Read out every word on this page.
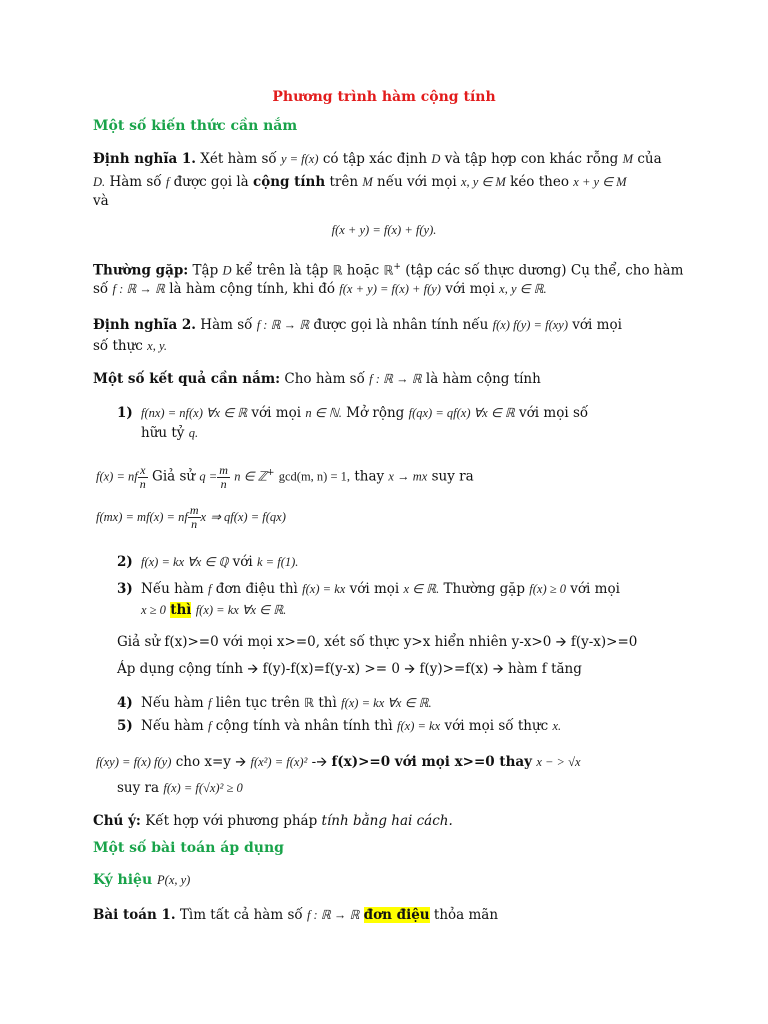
Phương trình hàm cộng tính
Một số kiến thức cần nắm
Định nghĩa 1. Xét hàm số y = f(x) có tập xác định D và tập hợp con khác rỗng M của
D. Hàm số f được gọi là cộng tính trên M nếu với mọi x, y ∈ M kéo theo x + y ∈ M
và
f(x + y) = f(x) + f(y).
Thường gặp: Tập D kể trên là tập ℝ hoặc ℝ+ (tập các số thực dương) Cụ thể, cho hàm
số f : ℝ → ℝ là hàm cộng tính, khi đó f(x + y) = f(x) + f(y) với mọi x, y ∈ ℝ.
Định nghĩa 2. Hàm số f : ℝ → ℝ được gọi là nhân tính nếu f(x) f(y) = f(xy) với mọi
số thực x, y.
Một số kết quả cần nắm: Cho hàm số f : ℝ → ℝ là hàm cộng tính
1) f(nx) = nf(x) ∀x ∈ ℝ với mọi n ∈ ℕ. Mở rộng f(qx) = qf(x) ∀x ∈ ℝ với mọi số
hữu tỷ q.
f(x) = nf $\frac{x}{n}$ Giả sử $q = \frac{m}{n}$ n ∈ ℤ+ gcd(m, n) = 1, thay x → mx suy ra
f(mx) = mf(x) = nf $\frac{m}{n}$ x ⇒ qf(x) = f(qx)
2) f(x) = kx ∀x ∈ ℚ với k = f(1).
3) Nếu hàm f đơn điệu thì f(x) = kx với mọi x ∈ ℝ. Thường gặp f(x) ≥ 0 với mọi
x ≥ 0 thì f(x) = kx ∀x ∈ ℝ.
Giả sử f(x)>=0 với mọi x>=0, xét số thực y>x hiển nhiên y-x>0 🡪 f(y-x)>=0
Áp dụng cộng tính 🡪 f(y)-f(x)=f(y-x) >= 0 🡪 f(y)>=f(x) 🡪 hàm f tăng
4) Nếu hàm f liên tục trên ℝ thì f(x) = kx ∀x ∈ ℝ.
5) Nếu hàm f cộng tính và nhân tính thì f(x) = kx với mọi số thực x.
f(xy) = f(x) f(y) cho x=y 🡪 f(x²) = f(x)² -🡪 f(x)>=0 với mọi x>=0 thay x − > √x
suy ra f(x) = f(√x)² ≥ 0
Chú ý: Kết hợp với phương pháp tính bằng hai cách.
Một số bài toán áp dụng
Ký hiệu P(x, y)
Bài toán 1. Tìm tất cả hàm số f : ℝ → ℝ đơn điệu thỏa mãn
